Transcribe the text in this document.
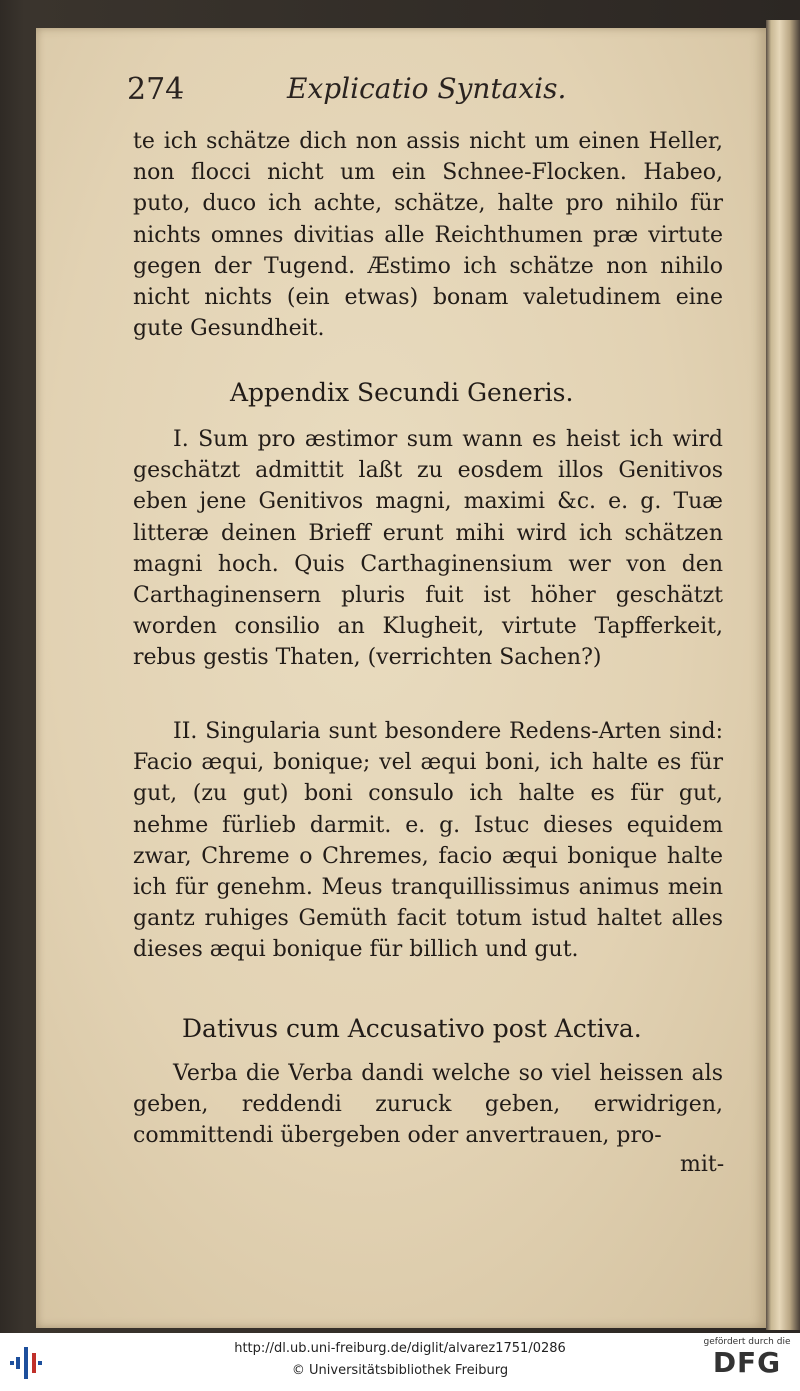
274	Explicatio Syntaxis.
te ich schätze dich non assis nicht um einen Heller, non flocci nicht um ein Schnee-Flocken. Habeo, puto, duco ich achte, schätze, halte pro nihilo für nichts omnes divitias alle Reichthumen præ virtute gegen der Tugend. Æstimo ich schätze non nihilo nicht nichts (ein etwas) bonam valetudinem eine gute Gesundheit.
Appendix Secundi Generis.
I. Sum pro æstimor sum wann es heist ich wird geschätzt admittit laßt zu eosdem illos Genitivos eben jene Genitivos magni, maximi &c. e. g. Tuæ litteræ deinen Brieff erunt mihi wird ich schätzen magni hoch. Quis Carthaginensium wer von den Carthaginensern pluris fuit ist höher geschätzt worden consilio an Klugheit, virtute Tapfferkeit, rebus gestis Thaten, (verrichten Sachen?)
II. Singularia sunt besondere Redens-Arten sind: Facio æqui, bonique; vel æqui boni, ich halte es für gut, (zu gut) boni consulo ich halte es für gut, nehme fürlieb darmit. e. g. Istuc dieses equidem zwar, Chreme o Chremes, facio æqui bonique halte ich für genehm. Meus tranquillissimus animus mein gantz ruhiges Gemüth facit totum istud haltet alles dieses æqui bonique für billich und gut.
Dativus cum Accusativo post Activa.
Verba die Verba dandi welche so viel heissen als geben, reddendi zuruck geben, erwidrigen, committendi übergeben oder anvertrauen, pro-
mit-
http://dl.ub.uni-freiburg.de/diglit/alvarez1751/0286
© Universitätsbibliothek Freiburg
gefördert durch die
DFG
